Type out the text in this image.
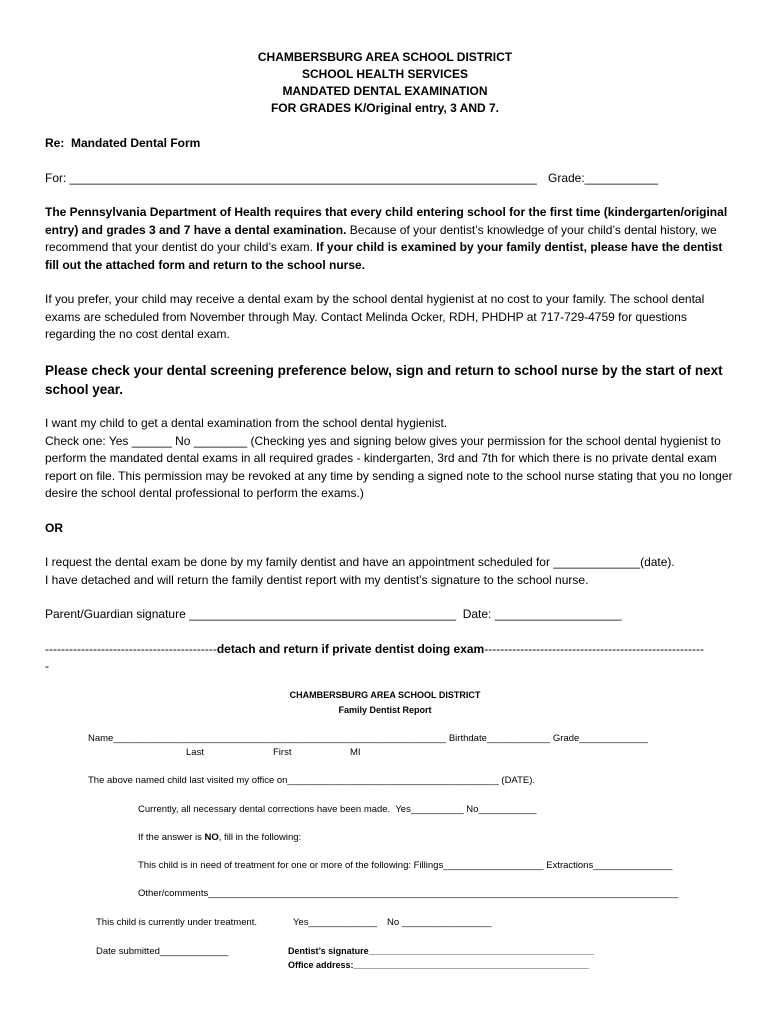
CHAMBERSBURG AREA SCHOOL DISTRICT
SCHOOL HEALTH SERVICES
MANDATED DENTAL EXAMINATION
FOR GRADES K/Original entry, 3 AND 7.
Re:  Mandated Dental Form
For: ______________________________________________________________________ Grade:___________

The Pennsylvania Department of Health requires that every child entering school for the first time (kindergarten/original entry) and grades 3 and 7 have a dental examination. Because of your dentist’s knowledge of your child’s dental history, we recommend that your dentist do your child’s exam. If your child is examined by your family dentist, please have the dentist fill out the attached form and return to the school nurse.

If you prefer, your child may receive a dental exam by the school dental hygienist at no cost to your family. The school dental exams are scheduled from November through May. Contact Melinda Ocker, RDH, PHDHP at 717-729-4759 for questions regarding the no cost dental exam.

Please check your dental screening preference below, sign and return to school nurse by the start of next school year.

I want my child to get a dental examination from the school dental hygienist.

Check one: Yes ______ No ________ (Checking yes and signing below gives your permission for the school dental hygienist to perform the mandated dental exams in all required grades - kindergarten, 3rd and 7th for which there is no private dental exam report on file. This permission may be revoked at any time by sending a signed note to the school nurse stating that you no longer desire the school dental professional to perform the exams.)

OR

I request the dental exam be done by my family dentist and have an appointment scheduled for _____________(date).

I have detached and will return the family dentist report with my dentist’s signature to the school nurse.

Parent/Guardian signature ________________________________________  Date: ___________________
-------------------------------------------detach and return if private dentist doing exam-------------------------------------------------------
-
CHAMBERSBURG AREA SCHOOL DISTRICT
Family Dentist Report
Name_______________________________________________________________ Birthdate____________ Grade_____________
Last	First	MI
The above named child last visited my office on________________________________________ (DATE).
Currently, all necessary dental corrections have been made.  Yes__________ No___________
If the answer is NO, fill in the following:
This child is in need of treatment for one or more of the following: Fillings___________________ Extractions_______________
Other/comments_________________________________________________________________________________________
This child is currently under treatment.	Yes_____________ No _________________
Date submitted_____________	Dentist’s signature_____________________________________________
Office address:_______________________________________________
